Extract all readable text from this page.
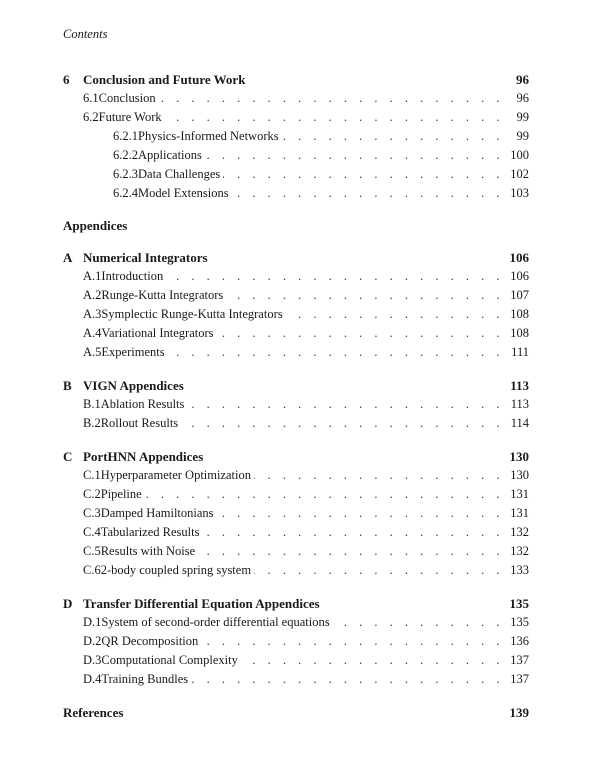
Contents
6	Conclusion and Future Work	96
6.1 Conclusion . . .	96
6.2 Future Work . . .	99
6.2.1 Physics-Informed Networks . . .	99
6.2.2 Applications . . .	100
6.2.3 Data Challenges . . .	102
6.2.4 Model Extensions . . .	103
Appendices
A Numerical Integrators	106
A.1 Introduction . . .	106
A.2 Runge-Kutta Integrators . . .	107
A.3 Symplectic Runge-Kutta Integrators . . .	108
A.4 Variational Integrators . . .	108
A.5 Experiments . . .	111
B VIGN Appendices	113
B.1 Ablation Results . . .	113
B.2 Rollout Results . . .	114
C PortHNN Appendices	130
C.1 Hyperparameter Optimization . . .	130
C.2 Pipeline . . .	131
C.3 Damped Hamiltonians . . .	131
C.4 Tabularized Results . . .	132
C.5 Results with Noise . . .	132
C.6 2-body coupled spring system . . .	133
D Transfer Differential Equation Appendices	135
D.1 System of second-order differential equations . . .	135
D.2 QR Decomposition . . .	136
D.3 Computational Complexity . . .	137
D.4 Training Bundles . . .	137
References	139
